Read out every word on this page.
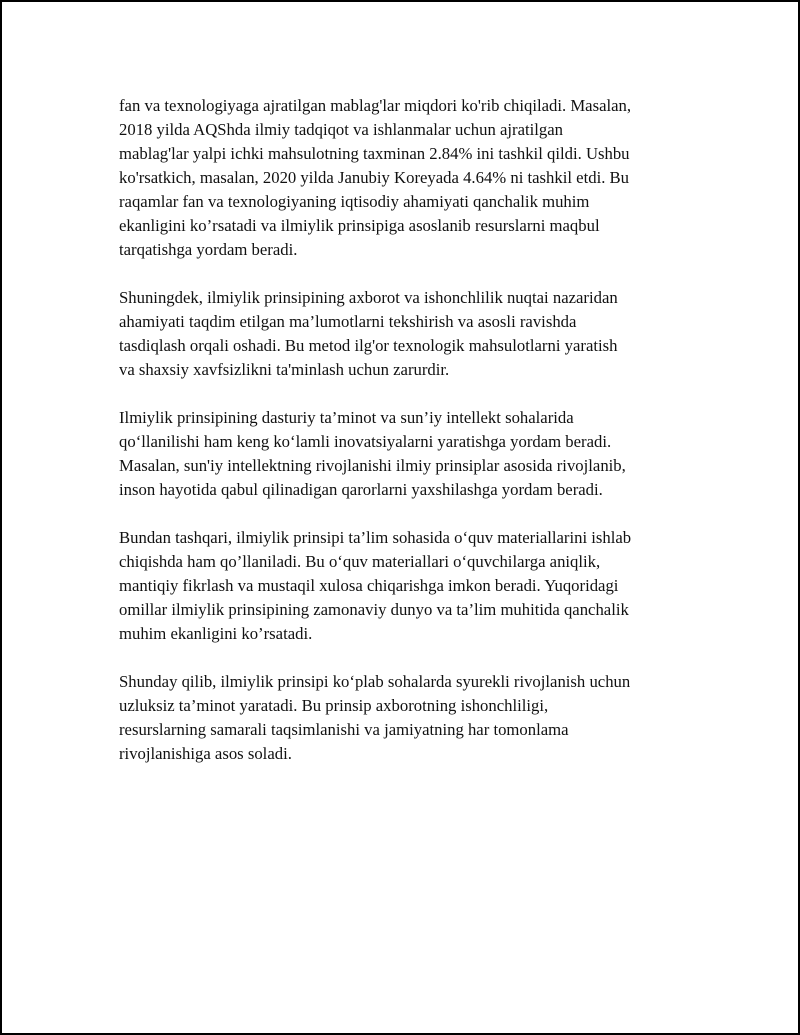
fan va texnologiyaga ajratilgan mablag'lar miqdori ko'rib chiqiladi. Masalan,
2018 yilda AQShda ilmiy tadqiqot va ishlanmalar uchun ajratilgan
mablag'lar yalpi ichki mahsulotning taxminan 2.84% ini tashkil qildi. Ushbu
ko'rsatkich, masalan, 2020 yilda Janubiy Koreyada 4.64% ni tashkil etdi. Bu
raqamlar fan va texnologiyaning iqtisodiy ahamiyati qanchalik muhim
ekanligini ko’rsatadi va ilmiylik prinsipiga asoslanib resurslarni maqbul
tarqatishga yordam beradi.

Shuningdek, ilmiylik prinsipining axborot va ishonchlilik nuqtai nazaridan
ahamiyati taqdim etilgan ma’lumotlarni tekshirish va asosli ravishda
tasdiqlash orqali oshadi. Bu metod ilg'or texnologik mahsulotlarni yaratish
va shaxsiy xavfsizlikni ta'minlash uchun zarurdir.

Ilmiylik prinsipining dasturiy ta’minot va sun’iy intellekt sohalarida
qo‘llanilishi ham keng ko‘lamli inovatsiyalarni yaratishga yordam beradi.
Masalan, sun'iy intellektning rivojlanishi ilmiy prinsiplar asosida rivojlanib,
inson hayotida qabul qilinadigan qarorlarni yaxshilashga yordam beradi.

Bundan tashqari, ilmiylik prinsipi ta’lim sohasida o‘quv materiallarini ishlab
chiqishda ham qo’llaniladi. Bu o‘quv materiallari o‘quvchilarga aniqlik,
mantiqiy fikrlash va mustaqil xulosa chiqarishga imkon beradi. Yuqoridagi
omillar ilmiylik prinsipining zamonaviy dunyo va ta’lim muhitida qanchalik
muhim ekanligini ko’rsatadi.

Shunday qilib, ilmiylik prinsipi ko‘plab sohalarda syurekli rivojlanish uchun
uzluksiz ta’minot yaratadi. Bu prinsip axborotning ishonchliligi,
resurslarning samarali taqsimlanishi va jamiyatning har tomonlama
rivojlanishiga asos soladi.
